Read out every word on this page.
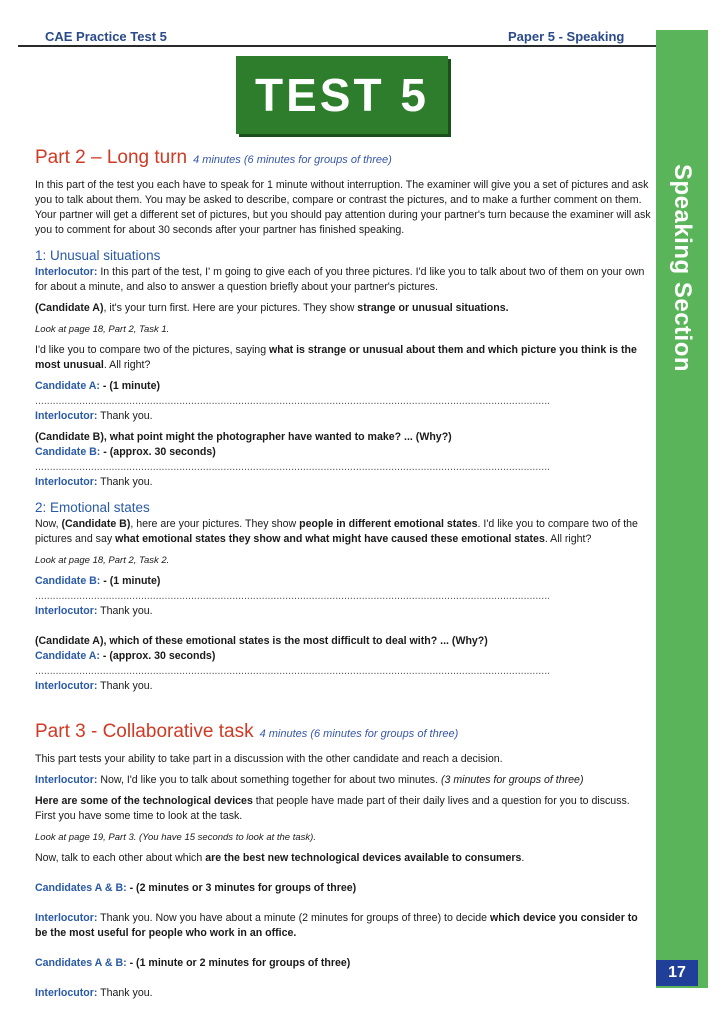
CAE Practice Test 5	Paper 5 - Speaking
Speaking Section
17
TEST 5
Part 2 – Long turn 4 minutes (6 minutes for groups of three)

In this part of the test you each have to speak for 1 minute without interruption. The examiner will give you a set of pictures and ask you to talk about them. You may be asked to describe, compare or contrast the pictures, and to make a further comment on them. Your partner will get a different set of pictures, but you should pay attention during your partner's turn because the examiner will ask you to comment for about 30 seconds after your partner has finished speaking.

1: Unusual situations

Interlocutor: In this part of the test, I' m going to give each of you three pictures. I'd like you to talk about two of them on your own for about a minute, and also to answer a question briefly about your partner's pictures.

(Candidate A), it's your turn first. Here are your pictures. They show strange or unusual situations.

Look at page 18, Part 2, Task 1.

I'd like you to compare two of the pictures, saying what is strange or unusual about them and which picture you think is the most unusual. All right?

Candidate A: - (1 minute) ...............................................................................................................................................................................

Interlocutor: Thank you.

(Candidate B), what point might the photographer have wanted to make? ... (Why?)

Candidate B: - (approx. 30 seconds) ...............................................................................................................................................................................

Interlocutor: Thank you.

2: Emotional states

Now, (Candidate B), here are your pictures. They show people in different emotional states. I'd like you to compare two of the pictures and say what emotional states they show and what might have caused these emotional states. All right?

Look at page 18, Part 2, Task 2.

Candidate B: - (1 minute) ...............................................................................................................................................................................

Interlocutor: Thank you.

(Candidate A), which of these emotional states is the most difficult to deal with? ... (Why?)

Candidate A: - (approx. 30 seconds) ...............................................................................................................................................................................

Interlocutor: Thank you.

Part 3 - Collaborative task 4 minutes (6 minutes for groups of three)

This part tests your ability to take part in a discussion with the other candidate and reach a decision.

Interlocutor: Now, I'd like you to talk about something together for about two minutes. (3 minutes for groups of three)

Here are some of the technological devices that people have made part of their daily lives and a question for you to discuss. First you have some time to look at the task.

Look at page 19, Part 3. (You have 15 seconds to look at the task).

Now, talk to each other about which are the best new technological devices available to consumers.

Candidates A & B: - (2 minutes or 3 minutes for groups of three)

Interlocutor: Thank you. Now you have about a minute (2 minutes for groups of three) to decide which device you consider to be the most useful for people who work in an office.

Candidates A & B: - (1 minute or 2 minutes for groups of three)

Interlocutor: Thank you.
